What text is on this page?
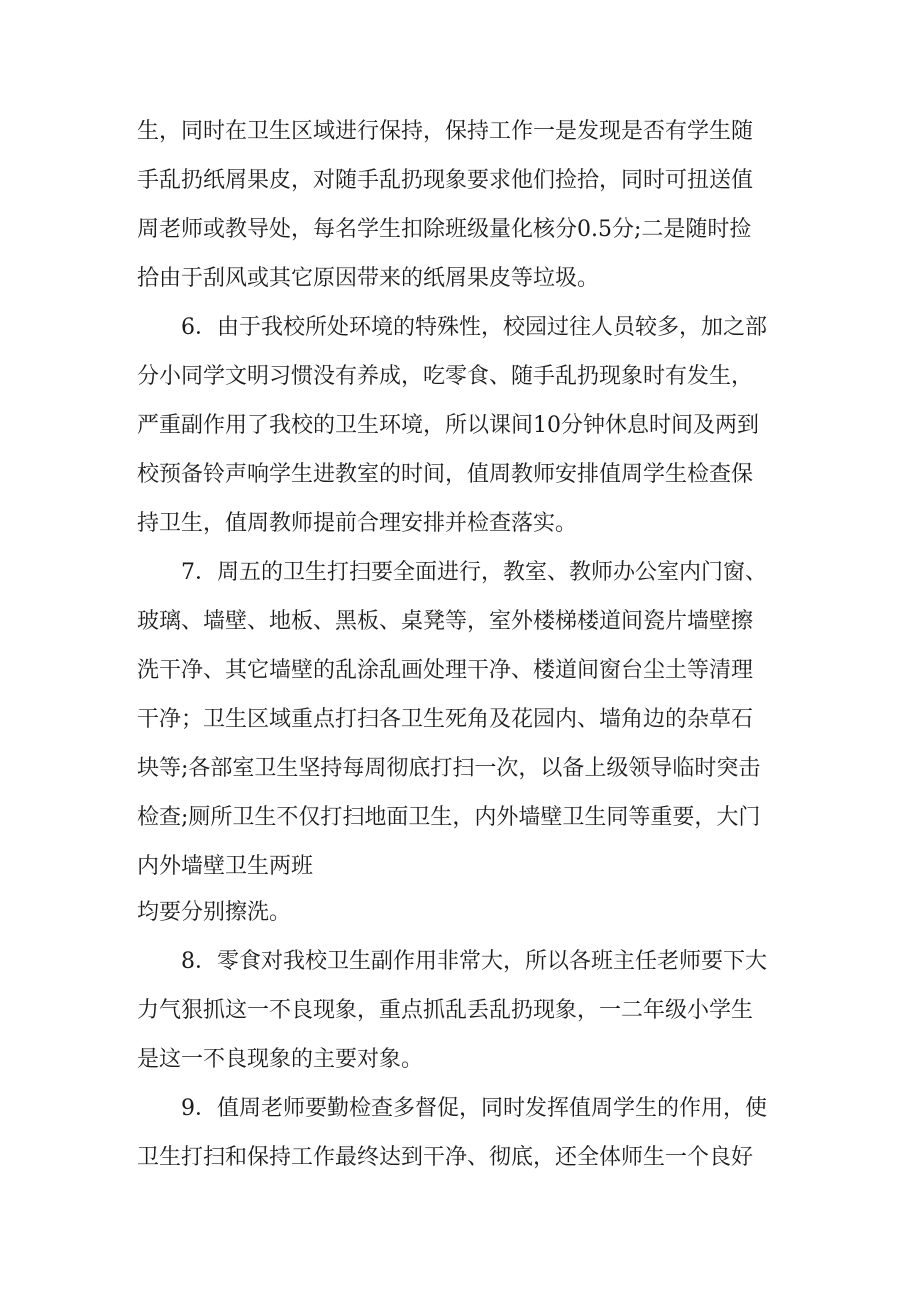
生，同时在卫生区域进行保持，保持工作一是发现是否有学生随
手乱扔纸屑果皮，对随手乱扔现象要求他们捡拾，同时可扭送值
周老师或教导处，每名学生扣除班级量化核分0.5分;二是随时捡
拾由于刮风或其它原因带来的纸屑果皮等垃圾。
6．由于我校所处环境的特殊性，校园过往人员较多，加之部
分小同学文明习惯没有养成，吃零食、随手乱扔现象时有发生，
严重副作用了我校的卫生环境，所以课间10分钟休息时间及两到
校预备铃声响学生进教室的时间，值周教师安排值周学生检查保
持卫生，值周教师提前合理安排并检查落实。
7．周五的卫生打扫要全面进行，教室、教师办公室内门窗、
玻璃、墙壁、地板、黑板、桌凳等，室外楼梯楼道间瓷片墙壁擦
洗干净、其它墙壁的乱涂乱画处理干净、楼道间窗台尘土等清理
干净；卫生区域重点打扫各卫生死角及花园内、墙角边的杂草石
块等;各部室卫生坚持每周彻底打扫一次，以备上级领导临时突击
检查;厕所卫生不仅打扫地面卫生，内外墙壁卫生同等重要，大门
内外墙壁卫生两班
均要分别擦洗。
8．零食对我校卫生副作用非常大，所以各班主任老师要下大
力气狠抓这一不良现象，重点抓乱丢乱扔现象，一二年级小学生
是这一不良现象的主要对象。
9．值周老师要勤检查多督促，同时发挥值周学生的作用，使
卫生打扫和保持工作最终达到干净、彻底，还全体师生一个良好
